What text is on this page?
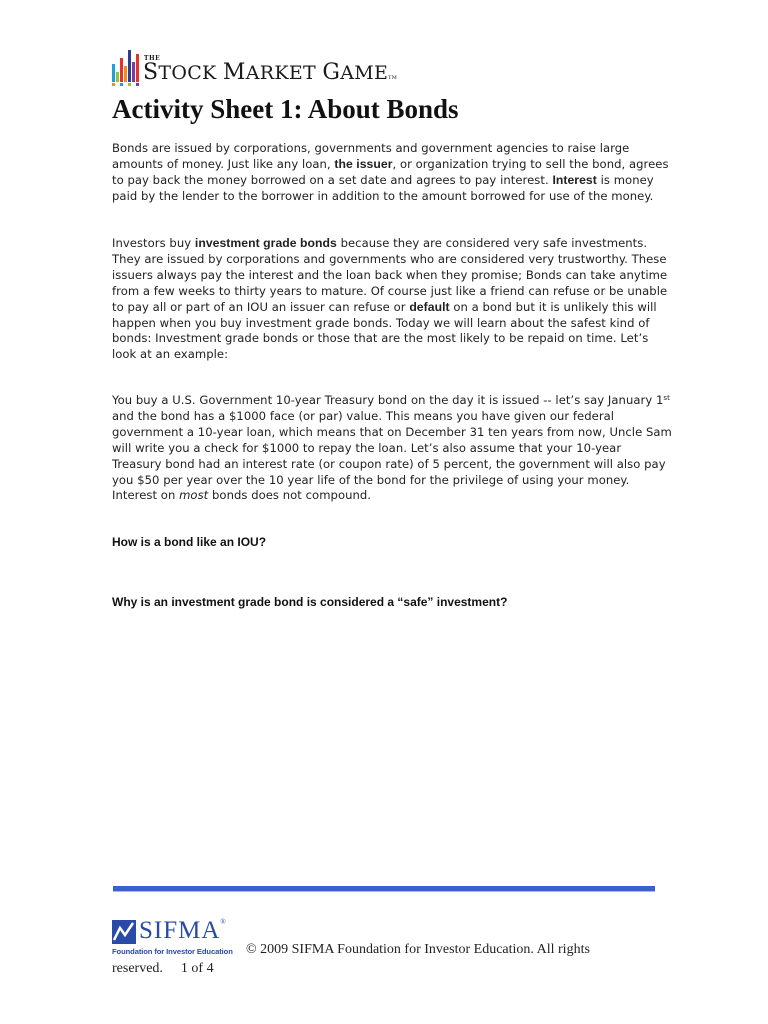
THE
STOCK MARKET GAMETM
Activity Sheet 1: About Bonds

Bonds are issued by corporations, governments and government agencies to raise large amounts of money. Just like any loan, the issuer, or organization trying to sell the bond, agrees to pay back the money borrowed on a set date and agrees to pay interest. Interest is money paid by the lender to the borrower in addition to the amount borrowed for use of the money.

Investors buy investment grade bonds because they are considered very safe investments. They are issued by corporations and governments who are considered very trustworthy. These issuers always pay the interest and the loan back when they promise; Bonds can take anytime from a few weeks to thirty years to mature. Of course just like a friend can refuse or be unable to pay all or part of an IOU an issuer can refuse or default on a bond but it is unlikely this will happen when you buy investment grade bonds. Today we will learn about the safest kind of bonds: Investment grade bonds or those that are the most likely to be repaid on time. Let’s look at an example:

You buy a U.S. Government 10-year Treasury bond on the day it is issued -- let’s say January 1st and the bond has a $1000 face (or par) value. This means you have given our federal government a 10-year loan, which means that on December 31 ten years from now, Uncle Sam will write you a check for $1000 to repay the loan. Let’s also assume that your 10-year Treasury bond had an interest rate (or coupon rate) of 5 percent, the government will also pay you $50 per year over the 10 year life of the bond for the privilege of using your money. Interest on most bonds does not compound.

How is a bond like an IOU?

Why is an investment grade bond is considered a “safe” investment?

SIFMA®
Foundation for Investor Education © 2009 SIFMA Foundation for Investor Education. All rights

reserved. 1 of 4
